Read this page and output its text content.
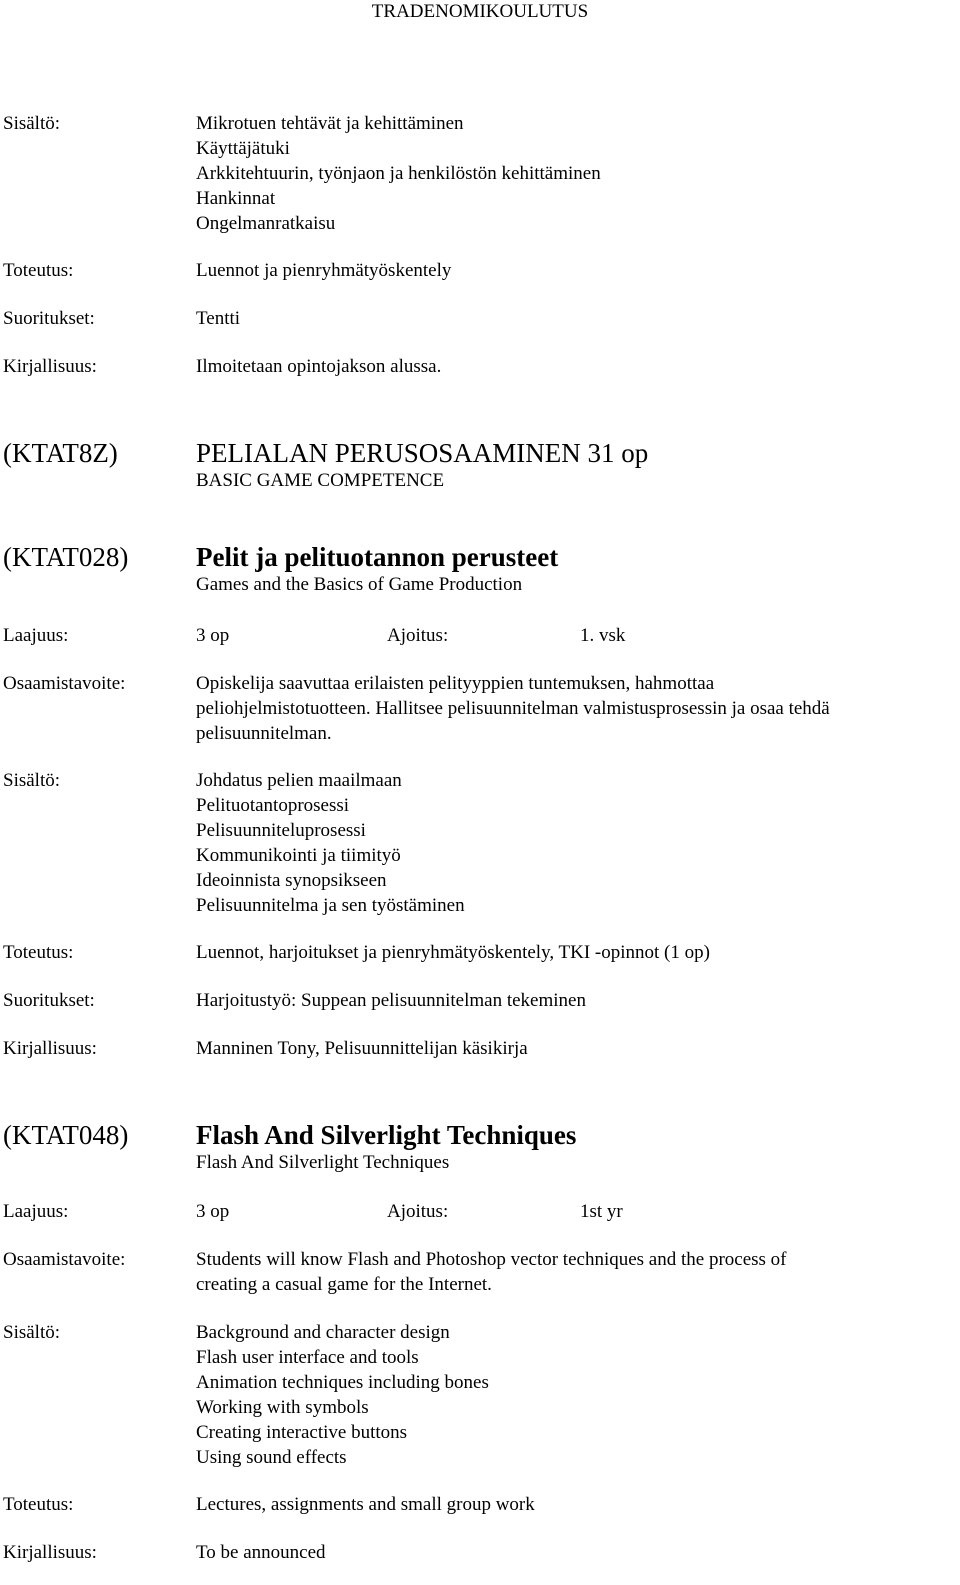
TRADENOMIKOULUTUS
Sisältö:	Mikrotuen tehtävät ja kehittäminen
Käyttäjätuki
Arkkitehtuurin, työnjaon ja henkilöstön kehittäminen
Hankinnat
Ongelmanratkaisu
Toteutus:	Luennot ja pienryhmätyöskentely
Suoritukset:	Tentti
Kirjallisuus:	Ilmoitetaan opintojakson alussa.
(KTAT8Z)	PELIALAN PERUSOSAAMINEN 31 op
BASIC GAME COMPETENCE
(KTAT028)	Pelit ja pelituotannon perusteet
Games and the Basics of Game Production
Laajuus:	3 op	Ajoitus:	1. vsk
Osaamistavoite:	Opiskelija saavuttaa erilaisten pelityyppien tuntemuksen, hahmottaa
peliohjelmistotuotteen. Hallitsee pelisuunnitelman valmistusprosessin ja osaa tehdä
pelisuunnitelman.
Sisältö:	Johdatus pelien maailmaan
Pelituotantoprosessi
Pelisuunniteluprosessi
Kommunikointi ja tiimityö
Ideoinnista synopsikseen
Pelisuunnitelma ja sen työstäminen
Toteutus:	Luennot, harjoitukset ja pienryhmätyöskentely, TKI -opinnot (1 op)
Suoritukset:	Harjoitustyö: Suppean pelisuunnitelman tekeminen
Kirjallisuus:	Manninen Tony, Pelisuunnittelijan käsikirja
(KTAT048)	Flash And Silverlight Techniques
Flash And Silverlight Techniques
Laajuus:	3 op	Ajoitus:	1st yr
Osaamistavoite:	Students will know Flash and Photoshop vector techniques and the process of
creating a casual game for the Internet.
Sisältö:	Background and character design
Flash user interface and tools
Animation techniques including bones
Working with symbols
Creating interactive buttons
Using sound effects
Toteutus:	Lectures, assignments and small group work
Kirjallisuus:	To be announced
